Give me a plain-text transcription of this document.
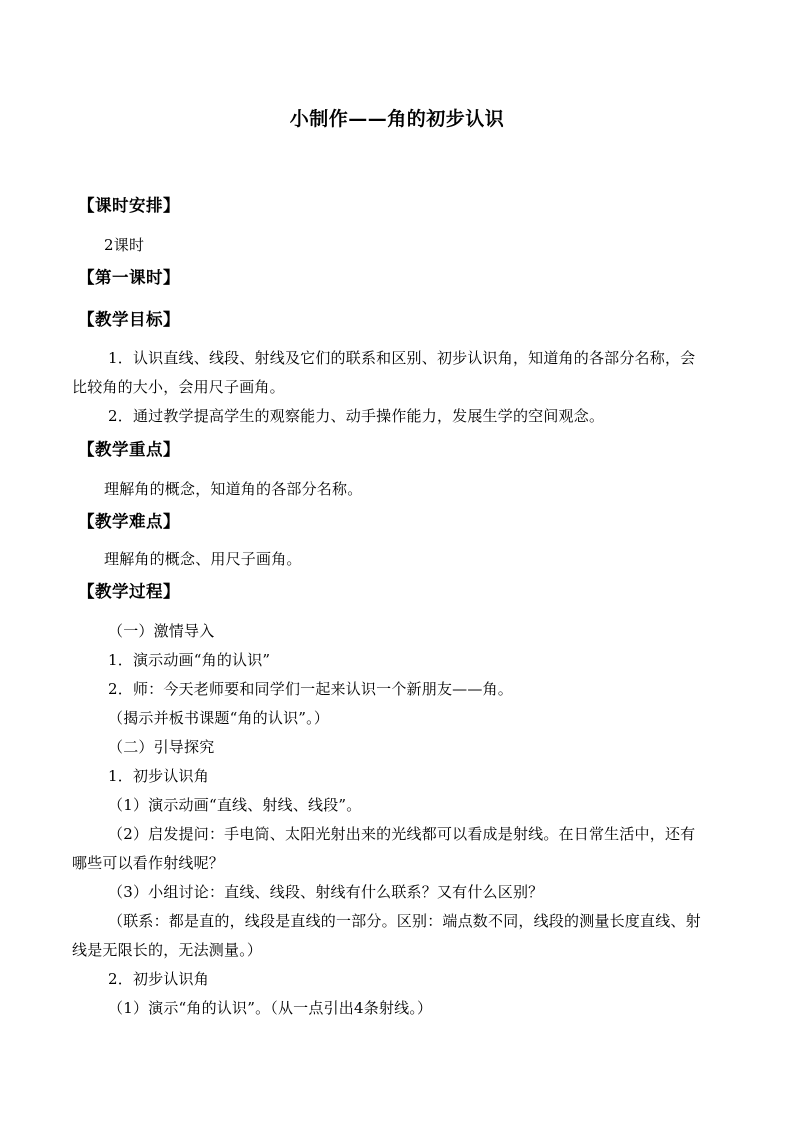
小制作——角的初步认识
【课时安排】
2课时
【第一课时】
【教学目标】
1．认识直线、线段、射线及它们的联系和区别、初步认识角，知道角的各部分名称，会
比较角的大小，会用尺子画角。
2．通过教学提高学生的观察能力、动手操作能力，发展生学的空间观念。
【教学重点】
理解角的概念，知道角的各部分名称。
【教学难点】
理解角的概念、用尺子画角。
【教学过程】
（一）激情导入
1．演示动画“角的认识”
2．师：今天老师要和同学们一起来认识一个新朋友——角。
（揭示并板书课题“角的认识”。）
（二）引导探究
1．初步认识角
（1）演示动画“直线、射线、线段”。
（2）启发提问：手电筒、太阳光射出来的光线都可以看成是射线。在日常生活中，还有
哪些可以看作射线呢？
（3）小组讨论：直线、线段、射线有什么联系？又有什么区别？
（联系：都是直的，线段是直线的一部分。区别：端点数不同，线段的测量长度直线、射
线是无限长的，无法测量。）
2．初步认识角
（1）演示“角的认识”。（从一点引出4条射线。）
